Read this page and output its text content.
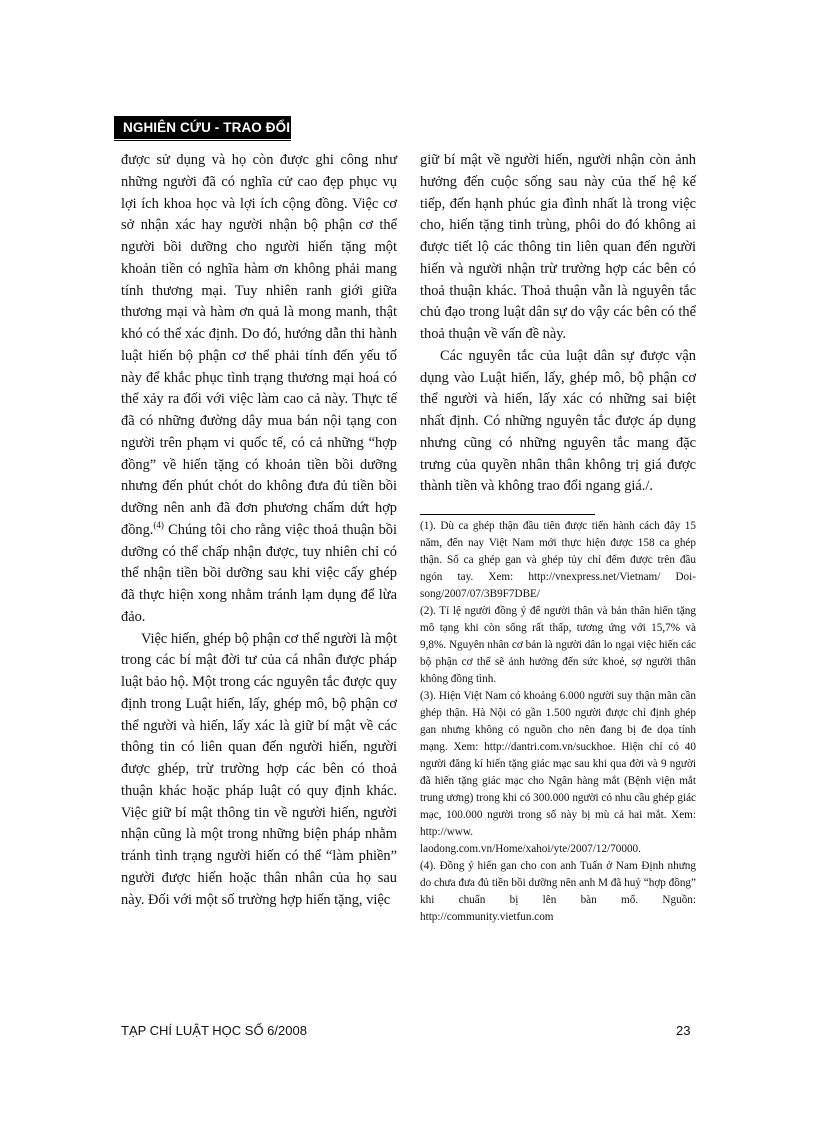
NGHIÊN CỨU - TRAO ĐỔI

được sử dụng và họ còn được ghi công như những người đã có nghĩa cử cao đẹp phục vụ lợi ích khoa học và lợi ích cộng đồng. Việc cơ sở nhận xác hay người nhận bộ phận cơ thể người bồi dưỡng cho người hiến tặng một khoản tiền có nghĩa hàm ơn không phải mang tính thương mại. Tuy nhiên ranh giới giữa thương mại và hàm ơn quả là mong manh, thật khó có thể xác định. Do đó, hướng dẫn thi hành luật hiến bộ phận cơ thể phải tính đến yếu tố này để khắc phục tình trạng thương mại hoá có thể xảy ra đối với việc làm cao cả này. Thực tế đã có những đường dây mua bán nội tạng con người trên phạm vi quốc tế, có cả những “hợp đồng” về hiến tặng có khoản tiền bồi dưỡng nhưng đến phút chót do không đưa đủ tiền bồi dưỡng nên anh đã đơn phương chấm dứt hợp đồng.$^{(4)}$ Chúng tôi cho rằng việc thoả thuận bồi dưỡng có thể chấp nhận được, tuy nhiên chỉ có thể nhận tiền bồi dưỡng sau khi việc cấy ghép đã thực hiện xong nhằm tránh lạm dụng để lừa đảo.

Việc hiến, ghép bộ phận cơ thể người là một trong các bí mật đời tư của cá nhân được pháp luật bảo hộ. Một trong các nguyên tắc được quy định trong Luật hiến, lấy, ghép mô, bộ phận cơ thể người và hiến, lấy xác là giữ bí mật về các thông tin có liên quan đến người hiến, người được ghép, trừ trường hợp các bên có thoả thuận khác hoặc pháp luật có quy định khác. Việc giữ bí mật thông tin về người hiến, người nhận cũng là một trong những biện pháp nhằm tránh tình trạng người hiến có thể “làm phiền” người được hiến hoặc thân nhân của họ sau này. Đối với một số trường hợp hiến tặng, việc

giữ bí mật về người hiến, người nhận còn ảnh hưởng đến cuộc sống sau này của thế hệ kế tiếp, đến hạnh phúc gia đình nhất là trong việc cho, hiến tặng tinh trùng, phôi do đó không ai được tiết lộ các thông tin liên quan đến người hiến và người nhận trừ trường hợp các bên có thoả thuận khác. Thoả thuận vẫn là nguyên tắc chủ đạo trong luật dân sự do vậy các bên có thể thoả thuận về vấn đề này.

Các nguyên tắc của luật dân sự được vận dụng vào Luật hiến, lấy, ghép mô, bộ phận cơ thể người và hiến, lấy xác có những sai biệt nhất định. Có những nguyên tắc được áp dụng nhưng cũng có những nguyên tắc mang đặc trưng của quyền nhân thân không trị giá được thành tiền và không trao đổi ngang giá./.

(1). Dù ca ghép thận đầu tiên được tiến hành cách đây 15 năm, đến nay Việt Nam mới thực hiện được 158 ca ghép thận. Số ca ghép gan và ghép tủy chỉ đếm được trên đầu ngón tay. Xem: http://vnexpress.net/Vietnam/ Doi-song/2007/07/3B9F7DBE/

(2). Tỉ lệ người đồng ý để người thân và bản thân hiến tặng mô tạng khi còn sống rất thấp, tương ứng với 15,7% và 9,8%. Nguyên nhân cơ bản là người dân lo ngại việc hiến các bộ phận cơ thể sẽ ảnh hưởng đến sức khoẻ, sợ người thân không đồng tình.

(3). Hiện Việt Nam có khoảng 6.000 người suy thận mãn cần ghép thận. Hà Nội có gần 1.500 người được chỉ định ghép gan nhưng không có nguồn cho nên đang bị đe dọa tính mạng. Xem: http://dantri.com.vn/suckhoe. Hiện chỉ có 40 người đăng kí hiến tặng giác mạc sau khi qua đời và 9 người đã hiến tặng giác mạc cho Ngân hàng mắt (Bệnh viện mắt trung ương) trong khi có 300.000 người có nhu cầu ghép giác mạc, 100.000 người trong số này bị mù cả hai mắt. Xem: http://www. laodong.com.vn/Home/xahoi/yte/2007/12/70000.

(4). Đồng ý hiến gan cho con anh Tuấn ở Nam Định nhưng do chưa đưa đủ tiền bồi dưỡng nên anh M đã huỷ “hợp đồng” khi chuẩn bị lên bàn mổ. Nguồn: http://community.vietfun.com

TẠP CHÍ LUẬT HỌC SỐ 6/2008	23
